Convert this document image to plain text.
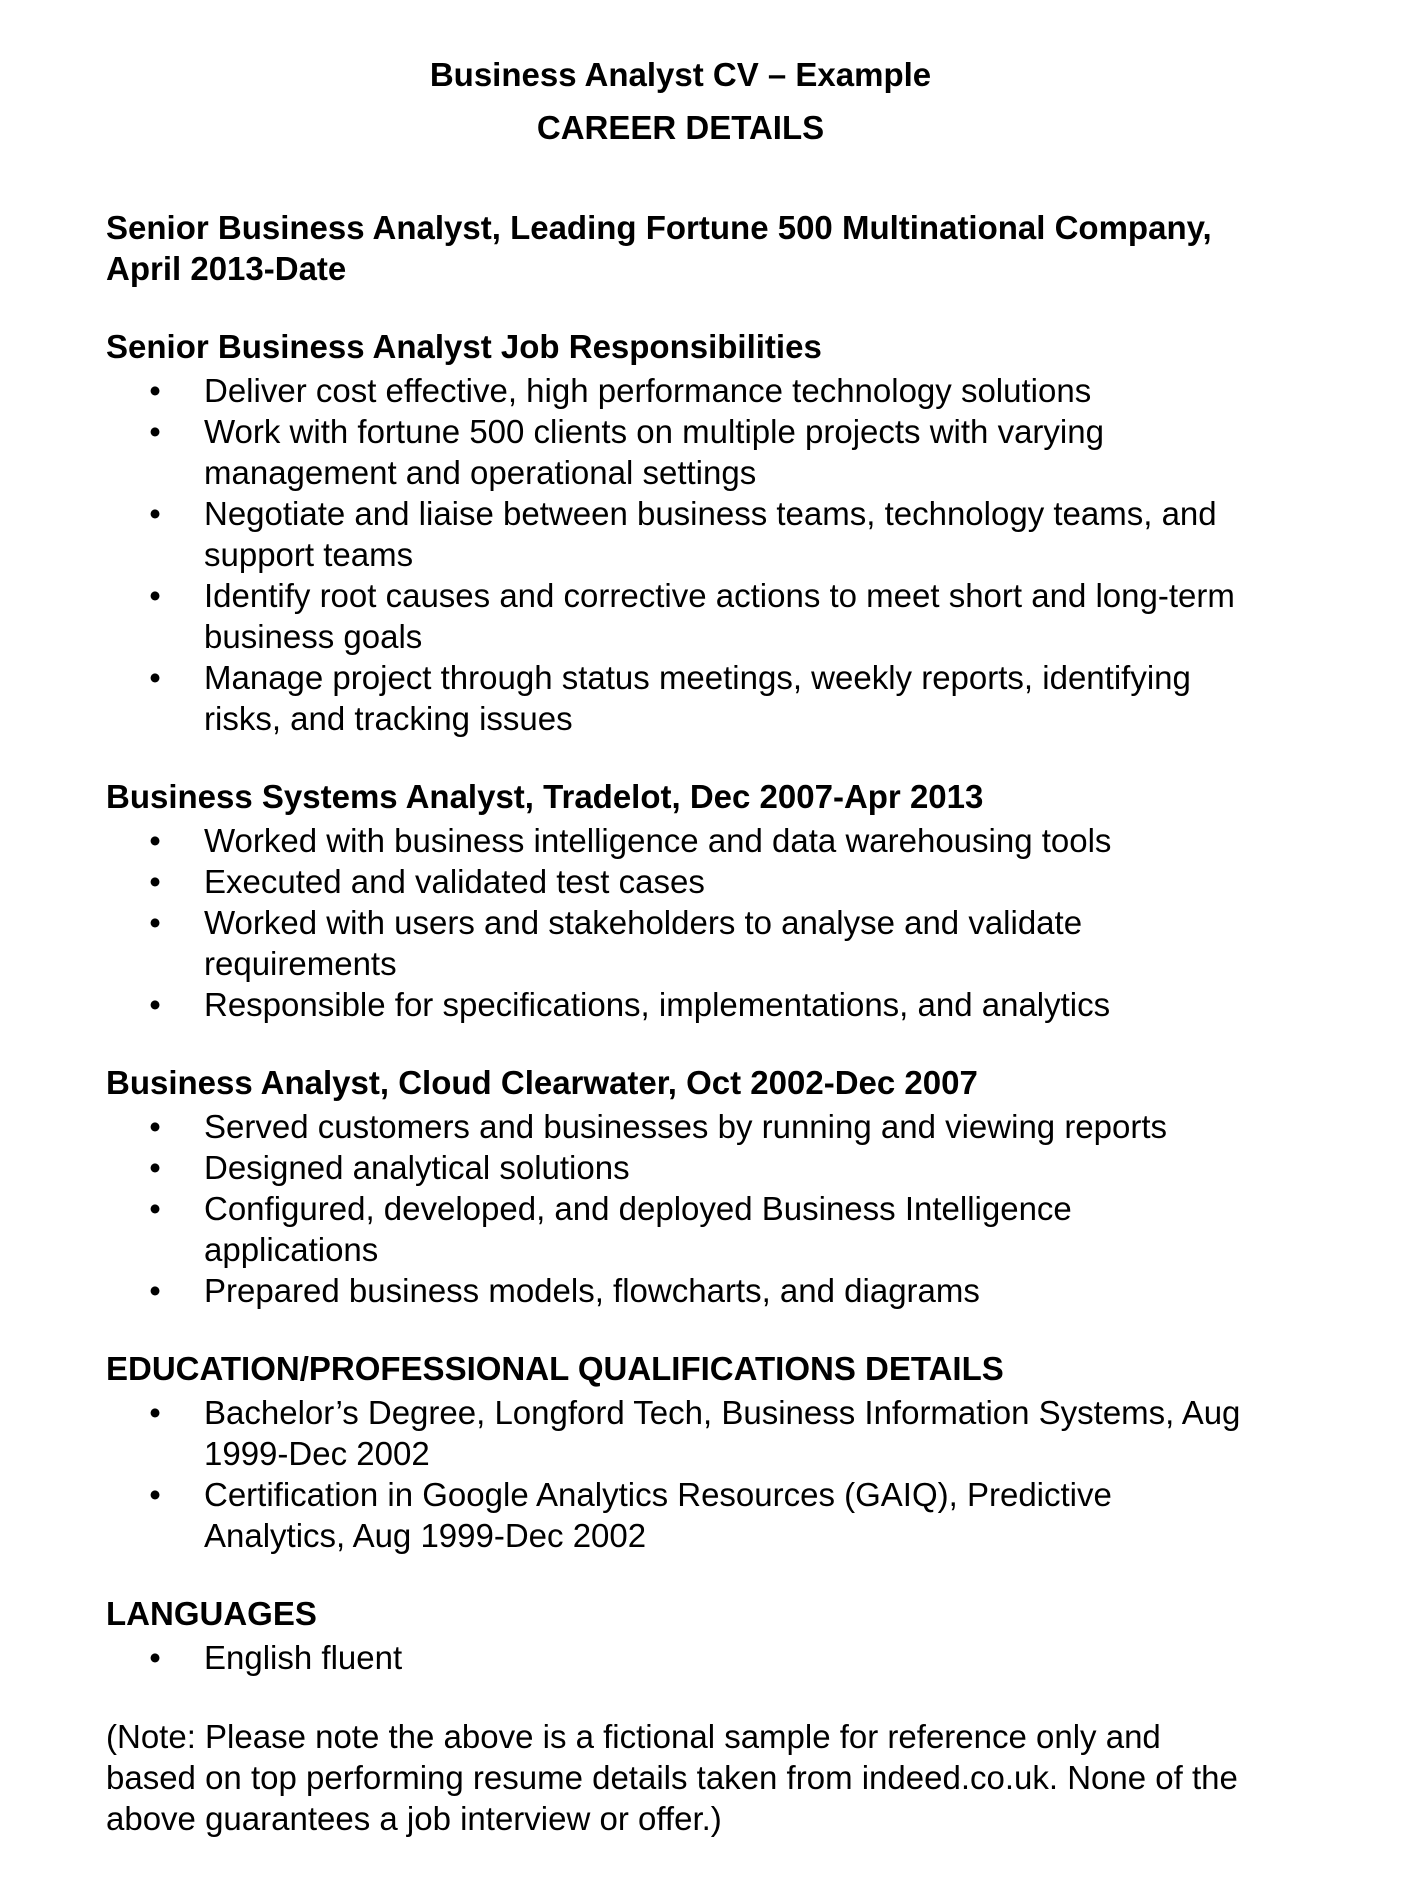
Business Analyst CV – Example
CAREER DETAILS
Senior Business Analyst, Leading Fortune 500 Multinational Company,
April 2013-Date
Senior Business Analyst Job Responsibilities
•	Deliver cost effective, high performance technology solutions
•	Work with fortune 500 clients on multiple projects with varying
management and operational settings
•	Negotiate and liaise between business teams, technology teams, and
support teams
•	Identify root causes and corrective actions to meet short and long-term
business goals
•	Manage project through status meetings, weekly reports, identifying
risks, and tracking issues
Business Systems Analyst, Tradelot, Dec 2007-Apr 2013
•	Worked with business intelligence and data warehousing tools
•	Executed and validated test cases
•	Worked with users and stakeholders to analyse and validate
requirements
•	Responsible for specifications, implementations, and analytics
Business Analyst, Cloud Clearwater, Oct 2002-Dec 2007
•	Served customers and businesses by running and viewing reports
•	Designed analytical solutions
•	Configured, developed, and deployed Business Intelligence
applications
•	Prepared business models, flowcharts, and diagrams
EDUCATION/PROFESSIONAL QUALIFICATIONS DETAILS
•	Bachelor’s Degree, Longford Tech, Business Information Systems, Aug
1999-Dec 2002
•	Certification in Google Analytics Resources (GAIQ), Predictive
Analytics, Aug 1999-Dec 2002
LANGUAGES
•	English fluent

(Note: Please note the above is a fictional sample for reference only and
based on top performing resume details taken from indeed.co.uk. None of the
above guarantees a job interview or offer.)
